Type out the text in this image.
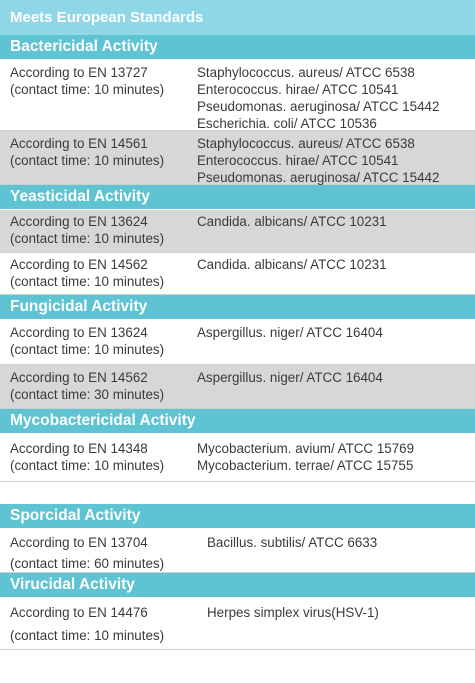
Meets European Standards
Bactericidal Activity
According to EN 13727
(contact time: 10 minutes)
Staphylococcus. aureus/ ATCC 6538
Enterococcus. hirae/ ATCC 10541
Pseudomonas. aeruginosa/ ATCC 15442
Escherichia. coli/ ATCC 10536
According to EN 14561
(contact time: 10 minutes)
Staphylococcus. aureus/ ATCC 6538
Enterococcus. hirae/ ATCC 10541
Pseudomonas. aeruginosa/ ATCC 15442
Yeasticidal Activity
According to EN 13624
(contact time: 10 minutes)
Candida. albicans/ ATCC 10231
According to EN 14562
(contact time: 10 minutes)
Candida. albicans/ ATCC 10231
Fungicidal Activity
According to EN 13624
(contact time: 10 minutes)
Aspergillus. niger/ ATCC 16404
According to EN 14562
(contact time: 30 minutes)
Aspergillus. niger/ ATCC 16404
Mycobactericidal Activity
According to EN 14348
(contact time: 10 minutes)
Mycobacterium. avium/ ATCC 15769
Mycobacterium. terrae/ ATCC 15755
Sporcidal Activity
According to EN 13704
(contact time: 60 minutes)
Bacillus. subtilis/ ATCC 6633
Virucidal Activity
According to EN 14476
(contact time: 10 minutes)
Herpes simplex virus(HSV-1)
